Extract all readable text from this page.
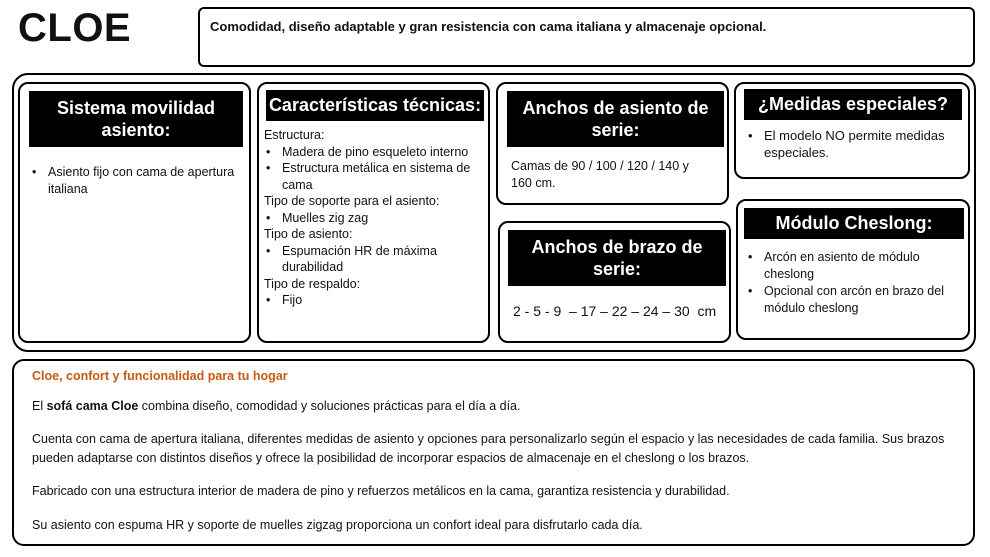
CLOE	Comodidad, diseño adaptable y gran resistencia con cama italiana y almacenaje opcional.
Sistema movilidad
asiento:
• Asiento fijo con cama de apertura italiana
Características técnicas:

Estructura:

• Madera de pino esqueleto interno
• Estructura metálica en sistema de cama

Tipo de soporte para el asiento:

• Muelles zig zag

Tipo de asiento:

• Espumación HR de máxima durabilidad

Tipo de respaldo:

• Fijo
Anchos de asiento de
serie:
Camas de 90 / 100 / 120 / 140 y 160 cm.
Anchos de brazo de
serie:
2 - 5 - 9  – 17 – 22 – 24 – 30  cm
¿Medidas especiales?
• El modelo NO permite medidas especiales.
Módulo Cheslong:
• Arcón en asiento de módulo cheslong
• Opcional con arcón en brazo del módulo cheslong
Cloe, confort y funcionalidad para tu hogar

El sofá cama Cloe combina diseño, comodidad y soluciones prácticas para el día a día.

Cuenta con cama de apertura italiana, diferentes medidas de asiento y opciones para personalizarlo según el espacio y las necesidades de cada familia. Sus brazos pueden adaptarse con distintos diseños y ofrece la posibilidad de incorporar espacios de almacenaje en el cheslong o los brazos.

Fabricado con una estructura interior de madera de pino y refuerzos metálicos en la cama, garantiza resistencia y durabilidad.

Su asiento con espuma HR y soporte de muelles zigzag proporciona un confort ideal para disfrutarlo cada día.
